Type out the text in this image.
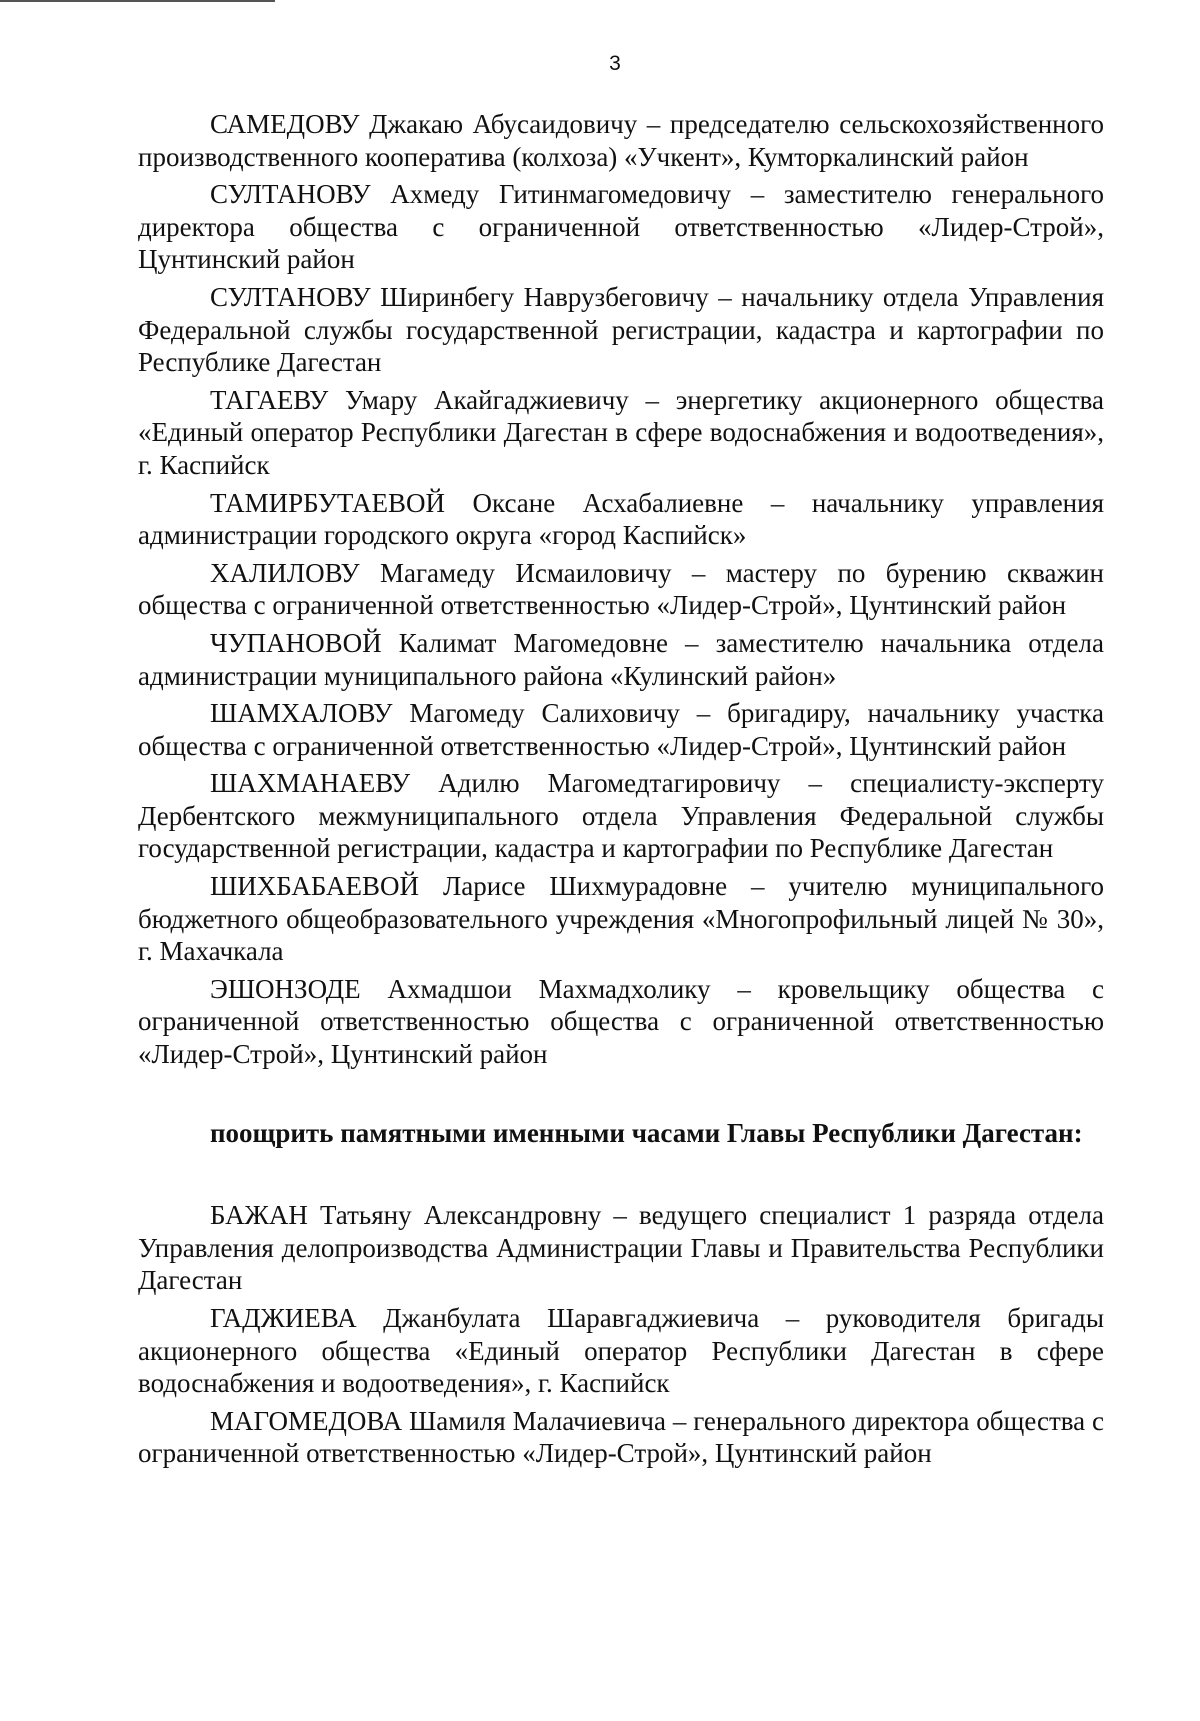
3

САМЕДОВУ Джакаю Абусаидовичу – председателю сельскохозяйственного производственного кооператива (колхоза) «Учкент», Кумторкалинский район

СУЛТАНОВУ Ахмеду Гитинмагомедовичу – заместителю генерального директора общества с ограниченной ответственностью «Лидер-Строй», Цунтинский район

СУЛТАНОВУ Ширинбегу Наврузбеговичу – начальнику отдела Управления Федеральной службы государственной регистрации, кадастра и картографии по Республике Дагестан

ТАГАЕВУ Умару Акайгаджиевичу – энергетику акционерного общества «Единый оператор Республики Дагестан в сфере водоснабжения и водоотведения», г. Каспийск

ТАМИРБУТАЕВОЙ Оксане Асхабалиевне – начальнику управления администрации городского округа «город Каспийск»

ХАЛИЛОВУ Магамеду Исмаиловичу – мастеру по бурению скважин общества с ограниченной ответственностью «Лидер-Строй», Цунтинский район

ЧУПАНОВОЙ Калимат Магомедовне – заместителю начальника отдела администрации муниципального района «Кулинский район»

ШАМХАЛОВУ Магомеду Салиховичу – бригадиру, начальнику участка общества с ограниченной ответственностью «Лидер-Строй», Цунтинский район

ШАХМАНАЕВУ Адилю Магомедтагировичу – специалисту-эксперту Дербентского межмуниципального отдела Управления Федеральной службы государственной регистрации, кадастра и картографии по Республике Дагестан

ШИХБАБАЕВОЙ Ларисе Шихмурадовне – учителю муниципального бюджетного общеобразовательного учреждения «Многопрофильный лицей № 30», г. Махачкала

ЭШОНЗОДЕ Ахмадшои Махмадхолику – кровельщику общества с ограниченной ответственностью общества с ограниченной ответственностью «Лидер-Строй», Цунтинский район

поощрить памятными именными часами Главы Республики Дагестан:

БАЖАН Татьяну Александровну – ведущего специалист 1 разряда отдела Управления делопроизводства Администрации Главы и Правительства Республики Дагестан

ГАДЖИЕВА Джанбулата Шаравгаджиевича – руководителя бригады акционерного общества «Единый оператор Республики Дагестан в сфере водоснабжения и водоотведения», г. Каспийск

МАГОМЕДОВА Шамиля Малачиевича – генерального директора общества с ограниченной ответственностью «Лидер-Строй», Цунтинский район
